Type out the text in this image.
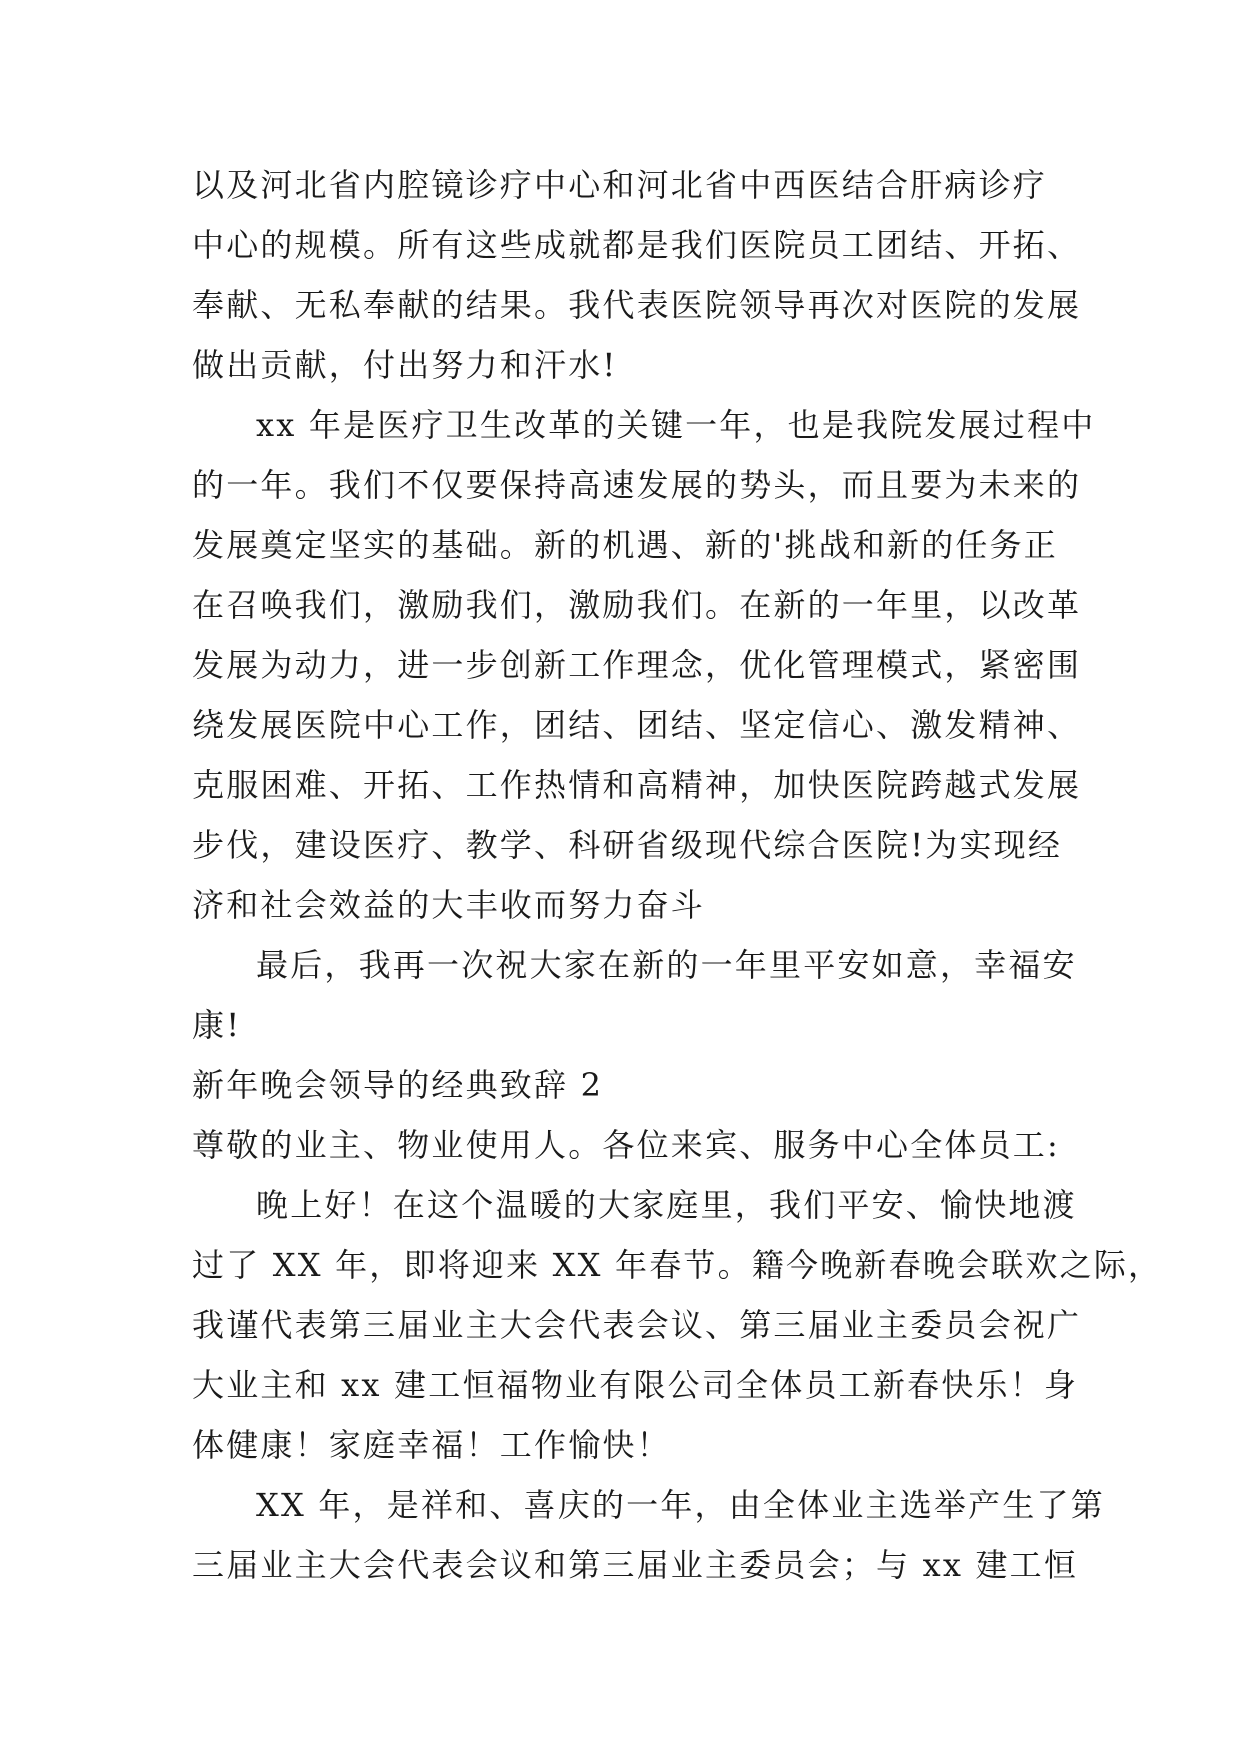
以及河北省内腔镜诊疗中心和河北省中西医结合肝病诊疗
中心的规模。所有这些成就都是我们医院员工团结、开拓、
奉献、无私奉献的结果。我代表医院领导再次对医院的发展
做出贡献，付出努力和汗水!
xx 年是医疗卫生改革的关键一年，也是我院发展过程中
的一年。我们不仅要保持高速发展的势头，而且要为未来的
发展奠定坚实的基础。新的机遇、新的'挑战和新的任务正
在召唤我们，激励我们，激励我们。在新的一年里，以改革
发展为动力，进一步创新工作理念，优化管理模式，紧密围
绕发展医院中心工作，团结、团结、坚定信心、激发精神、
克服困难、开拓、工作热情和高精神，加快医院跨越式发展
步伐，建设医疗、教学、科研省级现代综合医院!为实现经
济和社会效益的大丰收而努力奋斗
最后，我再一次祝大家在新的一年里平安如意，幸福安
康!
新年晚会领导的经典致辞 2
尊敬的业主、物业使用人。各位来宾、服务中心全体员工:
晚上好！在这个温暖的大家庭里，我们平安、愉快地渡
过了 XX 年，即将迎来 XX 年春节。籍今晚新春晚会联欢之际，
我谨代表第三届业主大会代表会议、第三届业主委员会祝广
大业主和 xx 建工恒福物业有限公司全体员工新春快乐！身
体健康！家庭幸福！工作愉快！
XX 年，是祥和、喜庆的一年，由全体业主选举产生了第
三届业主大会代表会议和第三届业主委员会；与 xx 建工恒
